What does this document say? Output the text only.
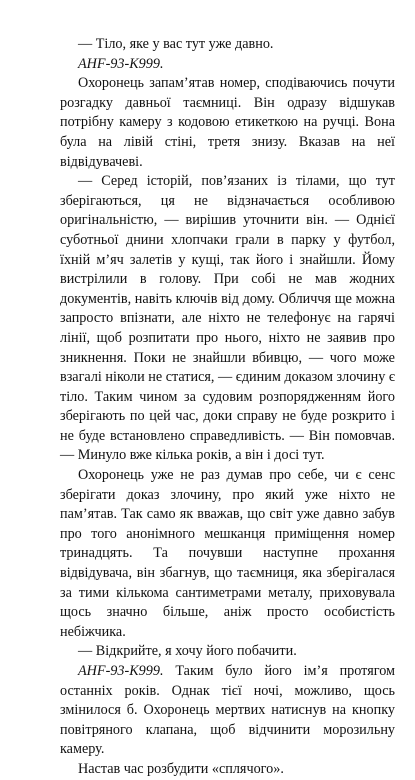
— Тіло, яке у вас тут уже давно.

AHF-93-K999.

Охоронець запам’ятав номер, сподіваючись почути розгадку давньої таємниці. Він одразу відшукав потрібну камеру з кодовою етикеткою на ручці. Вона була на лівій стіні, третя знизу. Вказав на неї відвідувачеві.

— Серед історій, пов’язаних із тілами, що тут зберігаються, ця не відзначається особливою оригінальністю, — вирішив уточнити він. — Однієї суботньої днини хлопчаки грали в парку у футбол, їхній м’яч залетів у кущі, так його і знайшли. Йому вистрілили в голову. При собі не мав жодних документів, навіть ключів від дому. Обличчя ще можна запросто впізнати, але ніхто не телефонує на гарячі лінії, щоб розпитати про нього, ніхто не заявив про зникнення. Поки не знайшли вбивцю, — чого може взагалі ніколи не статися, — єдиним доказом злочину є тіло. Таким чином за судовим розпорядженням його зберігають по цей час, доки справу не буде розкрито і не буде встановлено справедливість. — Він помовчав. — Минуло вже кілька років, а він і досі тут.

Охоронець уже не раз думав про себе, чи є сенс зберігати доказ злочину, про який уже ніхто не пам’ятав. Так само як вважав, що світ уже давно забув про того анонімного мешканця приміщення номер тринадцять. Та почувши наступне прохання відвідувача, він збагнув, що таємниця, яка зберігалася за тими кількома сантиметрами металу, приховувала щось значно більше, аніж просто особистість небіжчика.

— Відкрийте, я хочу його побачити.

AHF-93-K999. Таким було його ім’я протягом останніх років. Однак тієї ночі, можливо, щось змінилося б. Охоронець мертвих натиснув на кнопку повітряного клапана, щоб відчинити морозильну камеру.

Настав час розбудити «сплячого».
